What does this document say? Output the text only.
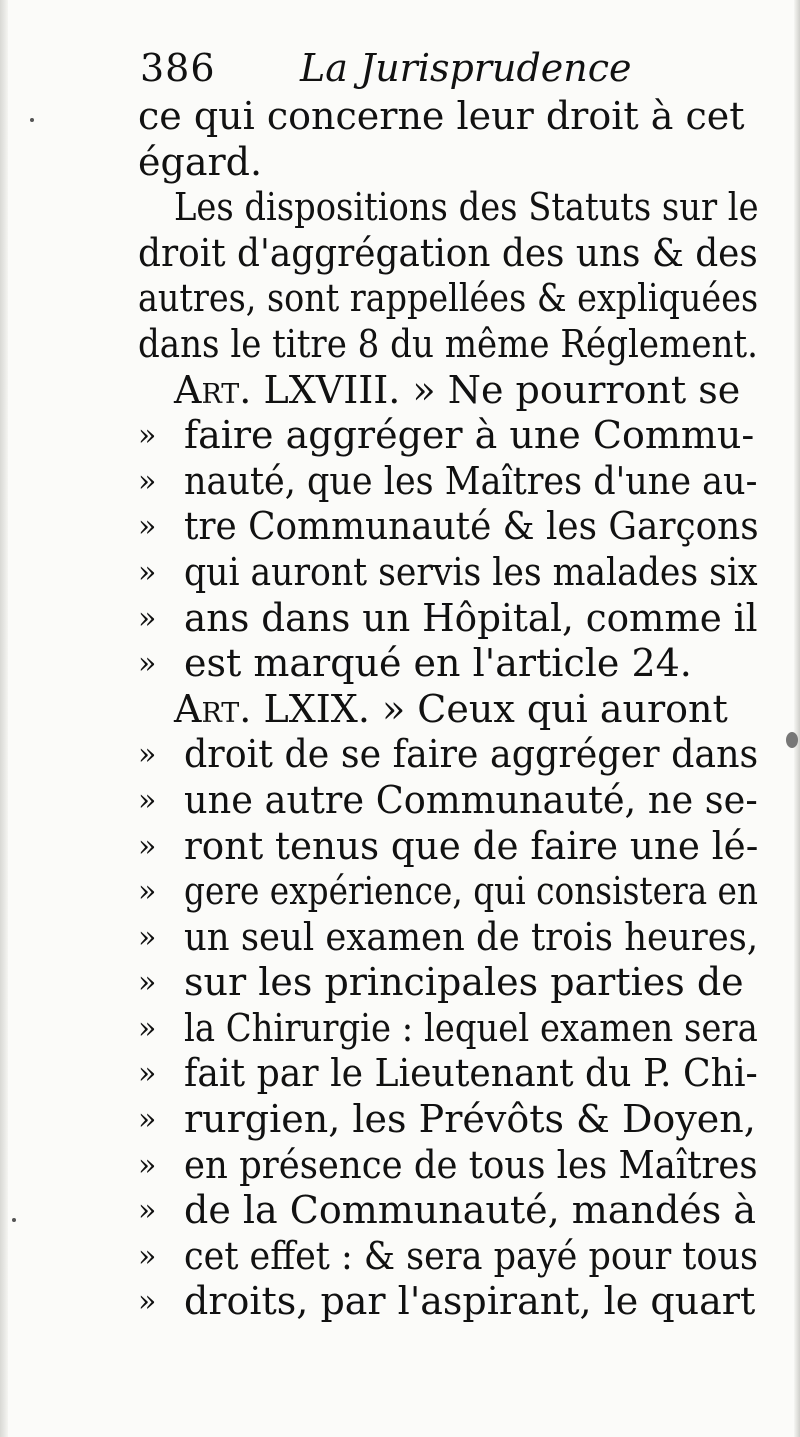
386 La Jurisprudence
ce qui concerne leur droit à cet
égard.
Les dispositions des Statuts sur le
droit d'aggrégation des uns & des
autres, sont rappellées & expliquées
dans le titre 8 du même Réglement.
Art. LXVIII. » Ne pourront se
» faire aggréger à une Commu-
» nauté, que les Maîtres d'une au-
» tre Communauté & les Garçons
» qui auront servis les malades six
» ans dans un Hôpital, comme il
» est marqué en l'article 24.
Art. LXIX. » Ceux qui auront
» droit de se faire aggréger dans
» une autre Communauté, ne se-
» ront tenus que de faire une lé-
» gere expérience, qui consistera en
» un seul examen de trois heures,
» sur les principales parties de
» la Chirurgie : lequel examen sera
» fait par le Lieutenant du P. Chi-
» rurgien, les Prévôts & Doyen,
» en présence de tous les Maîtres
» de la Communauté, mandés à
» cet effet : & sera payé pour tous
» droits, par l'aspirant, le quart
